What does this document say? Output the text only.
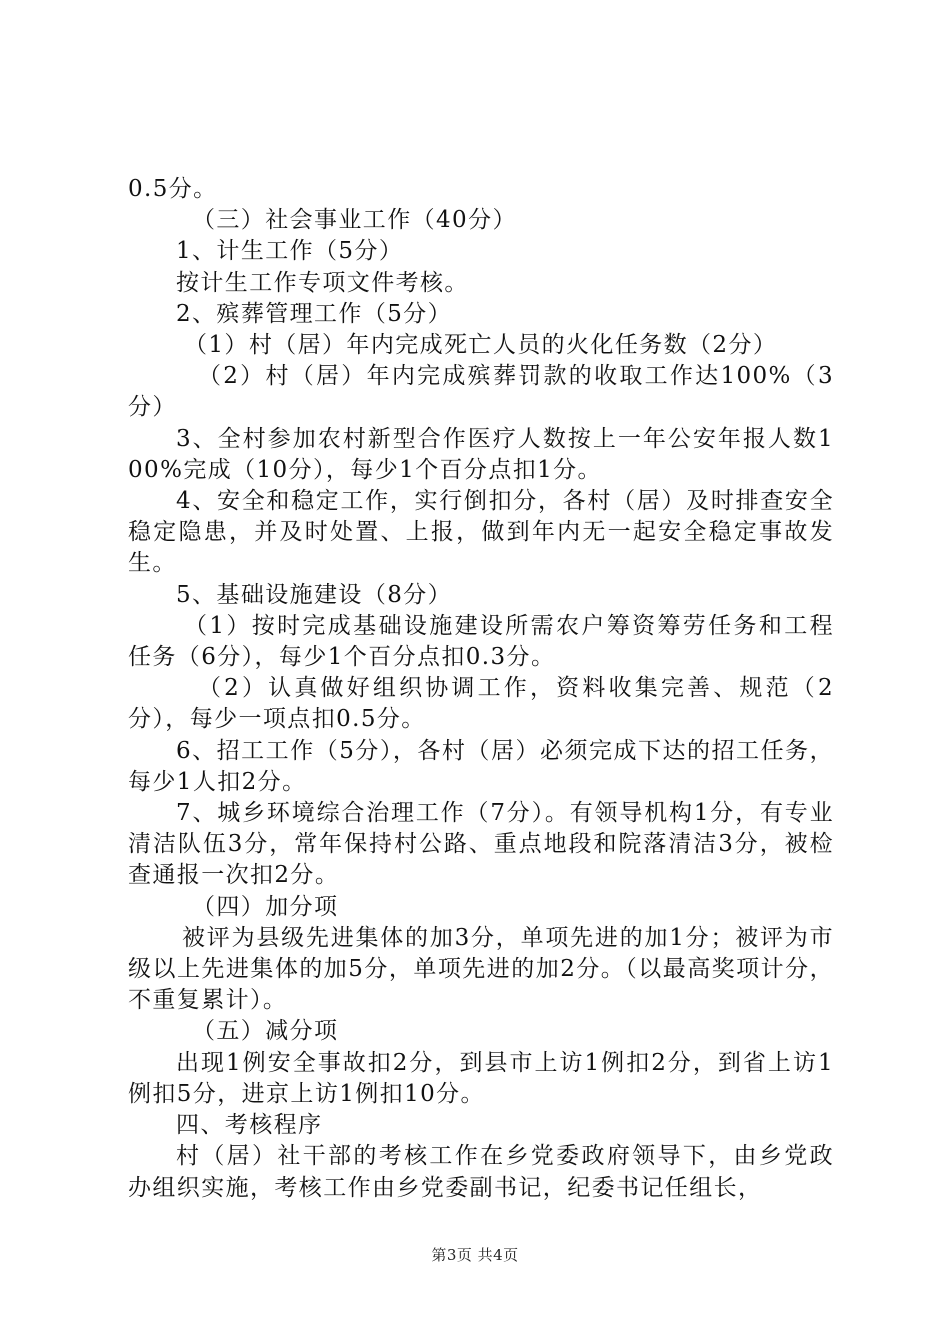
0.5分。

（三）社会事业工作（40分）

1、计生工作（5分）

按计生工作专项文件考核。

2、殡葬管理工作（5分）

（1）村（居）年内完成死亡人员的火化任务数（2分）

（2）村（居）年内完成殡葬罚款的收取工作达100%（3分）

3、全村参加农村新型合作医疗人数按上一年公安年报人数100%完成（10分），每少1个百分点扣1分。

4、安全和稳定工作，实行倒扣分，各村（居）及时排查安全稳定隐患，并及时处置、上报，做到年内无一起安全稳定事故发生。

5、基础设施建设（8分）

（1）按时完成基础设施建设所需农户筹资筹劳任务和工程任务（6分），每少1个百分点扣0.3分。

（2）认真做好组织协调工作，资料收集完善、规范（2分），每少一项点扣0.5分。

6、招工工作（5分），各村（居）必须完成下达的招工任务，每少1人扣2分。

7、城乡环境综合治理工作（7分）。有领导机构1分，有专业清洁队伍3分，常年保持村公路、重点地段和院落清洁3分，被检查通报一次扣2分。

（四）加分项

被评为县级先进集体的加3分，单项先进的加1分；被评为市级以上先进集体的加5分，单项先进的加2分。（以最高奖项计分，不重复累计）。

（五）减分项

出现1例安全事故扣2分，到县市上访1例扣2分，到省上访1例扣5分，进京上访1例扣10分。

四、考核程序

村（居）社干部的考核工作在乡党委政府领导下，由乡党政办组织实施，考核工作由乡党委副书记，纪委书记任组长，

第3页 共4页
